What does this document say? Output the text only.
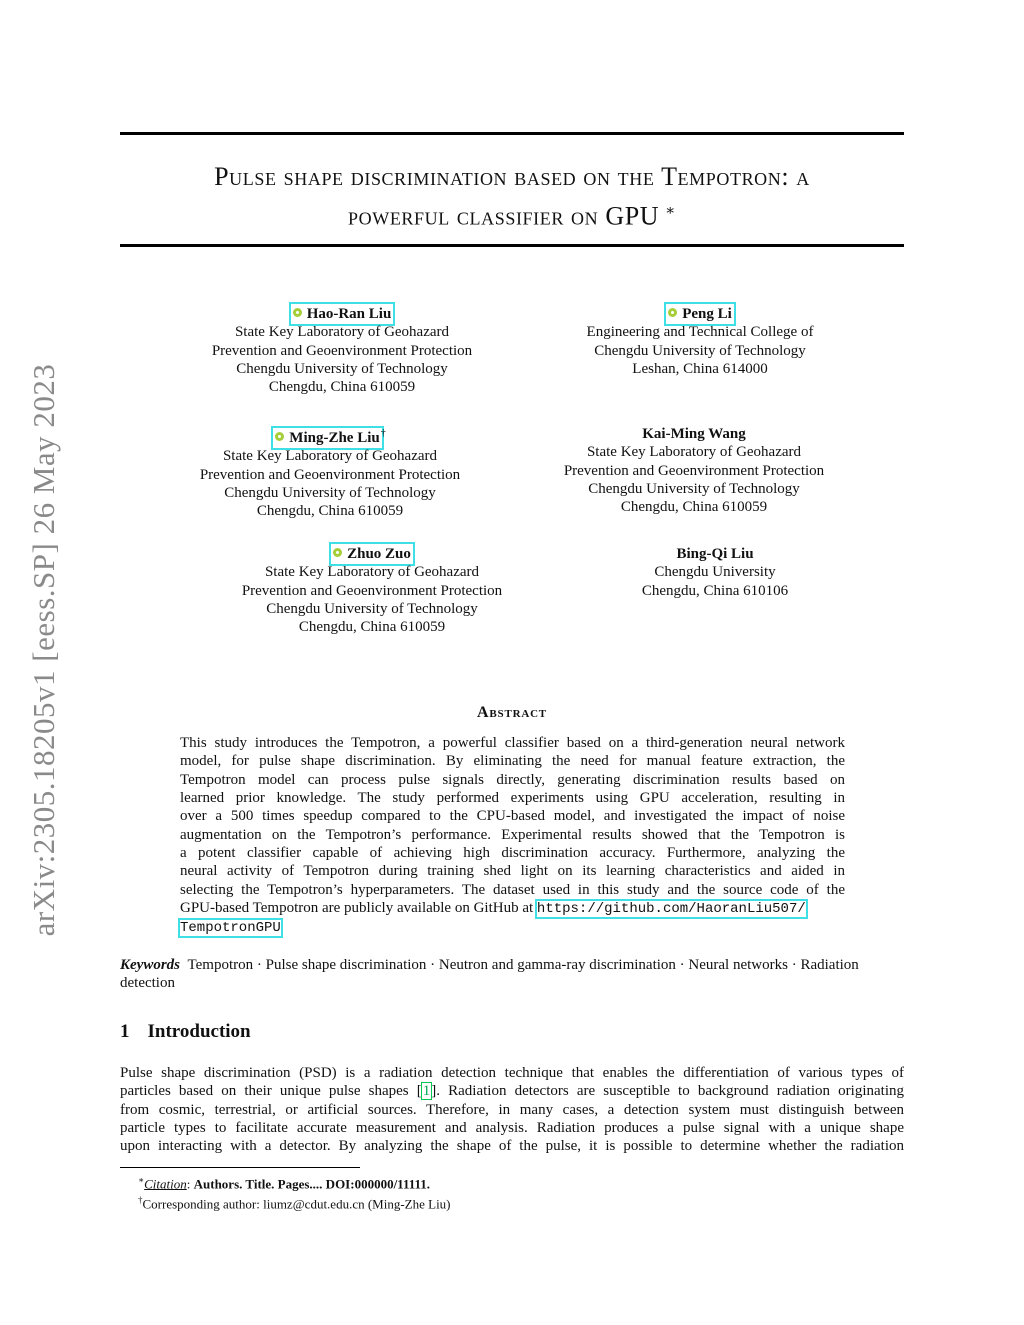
arXiv:2305.18205v1 [eess.SP] 26 May 2023
Pulse shape discrimination based on the Tempotron: a
powerful classifier on GPU ∗
Hao-Ran Liu
State Key Laboratory of Geohazard
Prevention and Geoenvironment Protection
Chengdu University of Technology
Chengdu, China 610059
Peng Li
Engineering and Technical College of
Chengdu University of Technology
Leshan, China 614000
Ming-Zhe Liu†
State Key Laboratory of Geohazard
Prevention and Geoenvironment Protection
Chengdu University of Technology
Chengdu, China 610059
Kai-Ming Wang
State Key Laboratory of Geohazard
Prevention and Geoenvironment Protection
Chengdu University of Technology
Chengdu, China 610059
Zhuo Zuo
State Key Laboratory of Geohazard
Prevention and Geoenvironment Protection
Chengdu University of Technology
Chengdu, China 610059
Bing-Qi Liu
Chengdu University
Chengdu, China 610106
Abstract
This study introduces the Tempotron, a powerful classifier based on a third-generation neural network
model, for pulse shape discrimination. By eliminating the need for manual feature extraction, the
Tempotron model can process pulse signals directly, generating discrimination results based on
learned prior knowledge. The study performed experiments using GPU acceleration, resulting in
over a 500 times speedup compared to the CPU-based model, and investigated the impact of noise
augmentation on the Tempotron’s performance. Experimental results showed that the Tempotron is
a potent classifier capable of achieving high discrimination accuracy. Furthermore, analyzing the
neural activity of Tempotron during training shed light on its learning characteristics and aided in
selecting the Tempotron’s hyperparameters. The dataset used in this study and the source code of the
GPU-based Tempotron are publicly available on GitHub at https://github.com/HaoranLiu507/
TempotronGPU
Keywords Tempotron · Pulse shape discrimination · Neutron and gamma-ray discrimination · Neural networks · Radiation detection
1 Introduction
Pulse shape discrimination (PSD) is a radiation detection technique that enables the differentiation of various types of
particles based on their unique pulse shapes [1]. Radiation detectors are susceptible to background radiation originating
from cosmic, terrestrial, or artificial sources. Therefore, in many cases, a detection system must distinguish between
particle types to facilitate accurate measurement and analysis. Radiation produces a pulse signal with a unique shape
upon interacting with a detector. By analyzing the shape of the pulse, it is possible to determine whether the radiation
∗Citation: Authors. Title. Pages.... DOI:000000/11111.
†Corresponding author: liumz@cdut.edu.cn (Ming-Zhe Liu)
